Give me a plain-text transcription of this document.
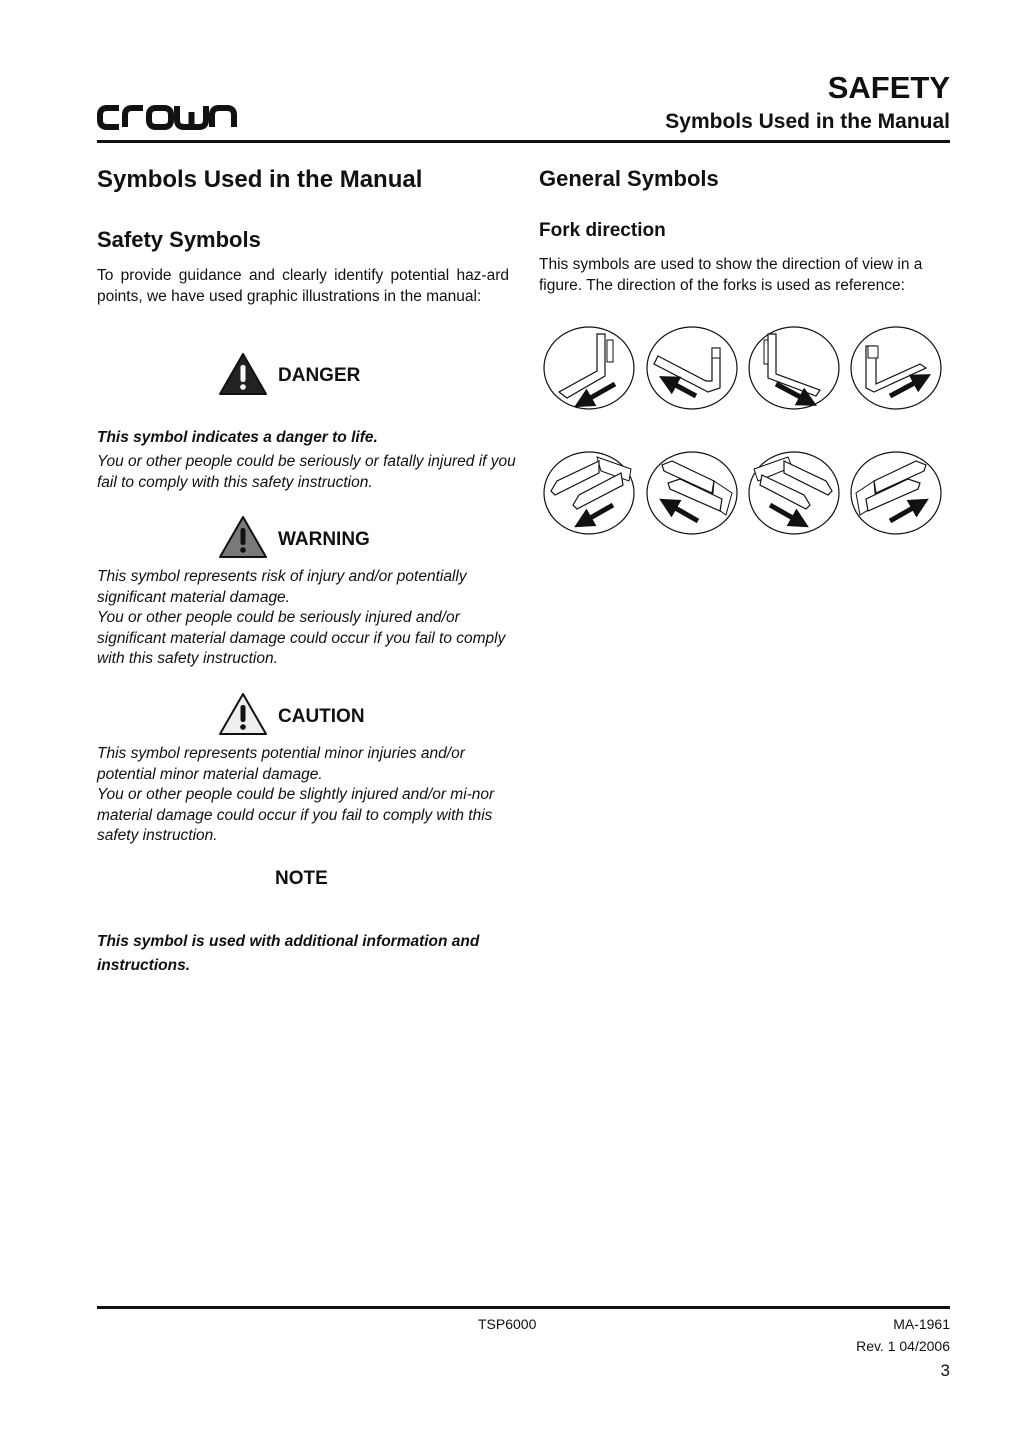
SAFETY
Symbols Used in the Manual
Symbols Used in the Manual
Safety Symbols
To provide guidance and clearly identify potential haz-ard points, we have used graphic illustrations in the manual:
DANGER
This symbol indicates a danger to life.
You or other people could be seriously or fatally injured if you fail to comply with this safety instruction.
WARNING
This symbol represents risk of injury and/or potentially significant material damage.
You or other people could be seriously injured and/or significant material damage could occur if you fail to comply with this safety instruction.
CAUTION
This symbol represents potential minor injuries and/or potential minor material damage.
You or other people could be slightly injured and/or mi-nor material damage could occur if you fail to comply with this safety instruction.
NOTE
This symbol is used with additional information and instructions.
General Symbols
Fork direction
This symbols are used to show the direction of view in a figure. The direction of the forks is used as reference:
TSP6000	MA-1961
Rev. 1 04/2006
3
